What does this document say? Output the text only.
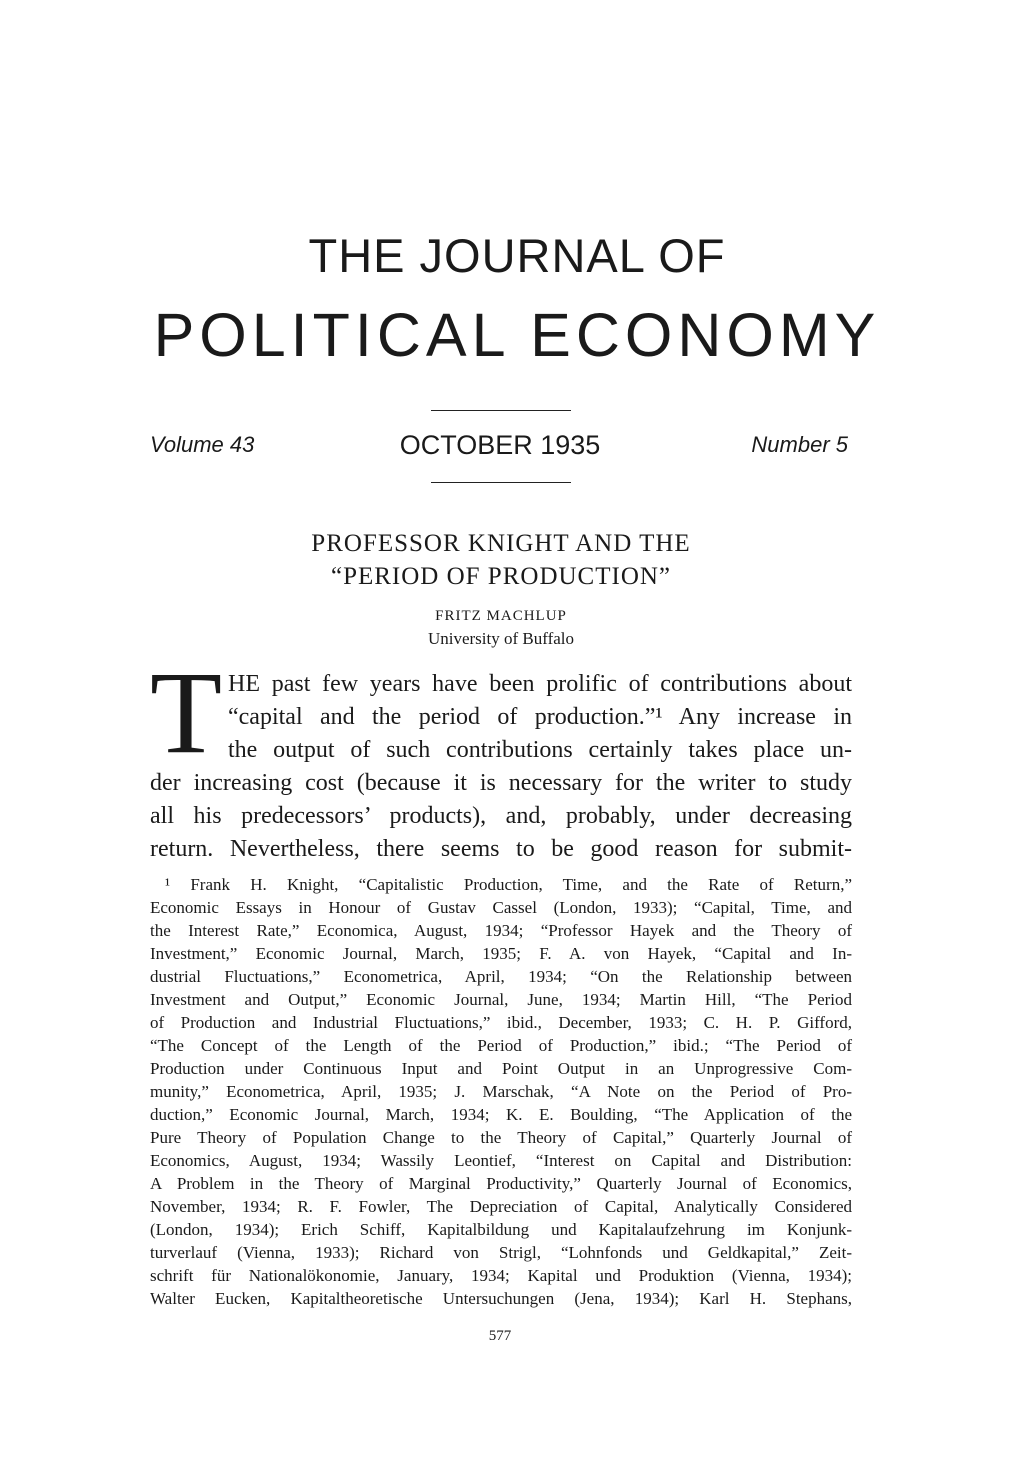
THE JOURNAL OF
POLITICAL ECONOMY
Volume 43	OCTOBER 1935	Number 5
PROFESSOR KNIGHT AND THE
“PERIOD OF PRODUCTION”
FRITZ MACHLUP
University of Buffalo
T HE past few years have been prolific of contributions about
“capital and the period of production.”¹ Any increase in
the output of such contributions certainly takes place un-
der increasing cost (because it is necessary for the writer to study
all his predecessors’ products), and, probably, under decreasing
return. Nevertheless, there seems to be good reason for submit-
¹ Frank H. Knight, “Capitalistic Production, Time, and the Rate of Return,”
Economic Essays in Honour of Gustav Cassel (London, 1933); “Capital, Time, and
the Interest Rate,” Economica, August, 1934; “Professor Hayek and the Theory of
Investment,” Economic Journal, March, 1935; F. A. von Hayek, “Capital and In-
dustrial Fluctuations,” Econometrica, April, 1934; “On the Relationship between
Investment and Output,” Economic Journal, June, 1934; Martin Hill, “The Period
of Production and Industrial Fluctuations,” ibid., December, 1933; C. H. P. Gifford,
“The Concept of the Length of the Period of Production,” ibid.; “The Period of
Production under Continuous Input and Point Output in an Unprogressive Com-
munity,” Econometrica, April, 1935; J. Marschak, “A Note on the Period of Pro-
duction,” Economic Journal, March, 1934; K. E. Boulding, “The Application of the
Pure Theory of Population Change to the Theory of Capital,” Quarterly Journal of
Economics, August, 1934; Wassily Leontief, “Interest on Capital and Distribution:
A Problem in the Theory of Marginal Productivity,” Quarterly Journal of Economics,
November, 1934; R. F. Fowler, The Depreciation of Capital, Analytically Considered
(London, 1934); Erich Schiff, Kapitalbildung und Kapitalaufzehrung im Konjunk-
turverlauf (Vienna, 1933); Richard von Strigl, “Lohnfonds und Geldkapital,” Zeit-
schrift für Nationalökonomie, January, 1934; Kapital und Produktion (Vienna, 1934);
Walter Eucken, Kapitaltheoretische Untersuchungen (Jena, 1934); Karl H. Stephans,
577
